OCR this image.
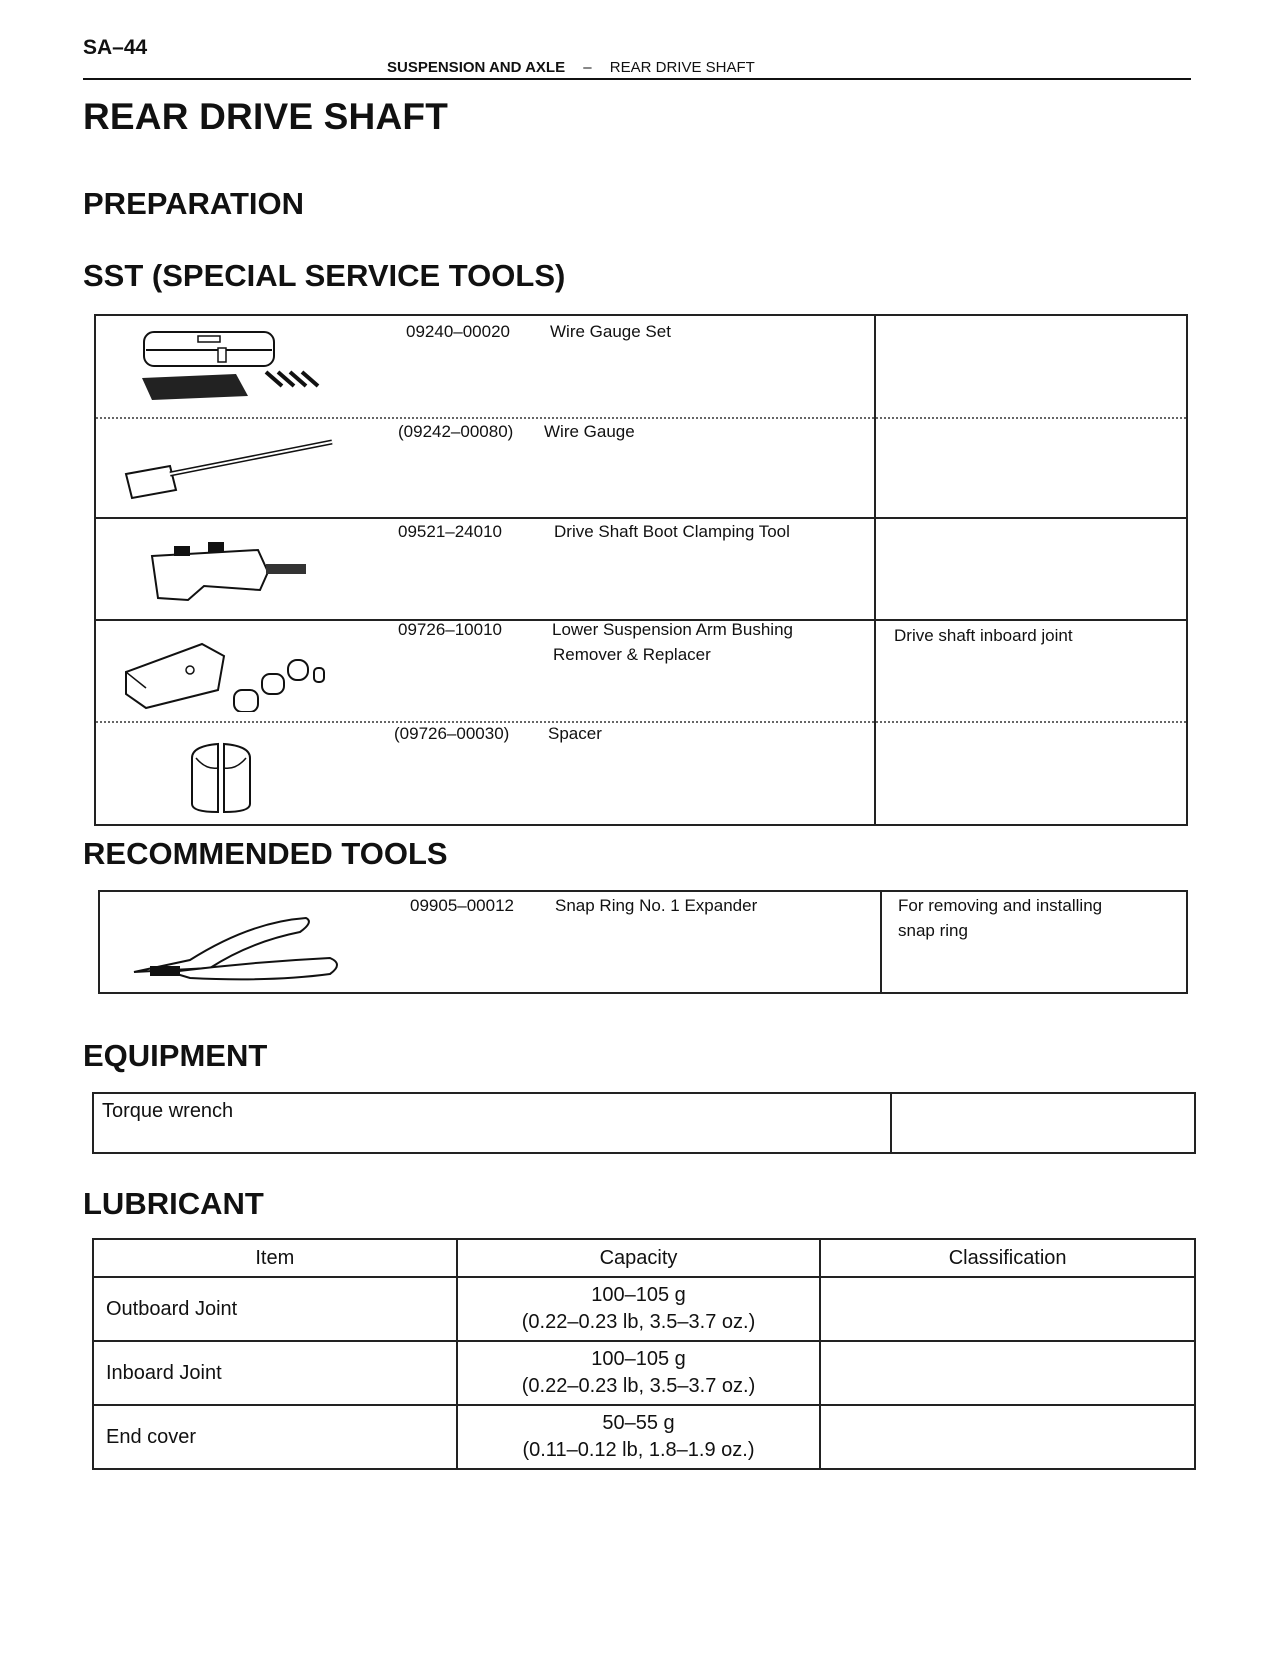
SA–44
SUSPENSION AND AXLE – REAR DRIVE SHAFT
REAR DRIVE SHAFT
PREPARATION
SST (SPECIAL SERVICE TOOLS)
09240–00020 Wire Gauge Set
(09242–00080) Wire Gauge
09521–24010	Drive Shaft Boot Clamping Tool
09726–10010	Lower Suspension Arm Bushing
Remover & Replacer
Drive shaft inboard joint
(09726–00030) Spacer
RECOMMENDED TOOLS
09905–00012 Snap Ring No. 1 Expander	For removing and installing
snap ring
EQUIPMENT
Torque wrench
LUBRICANT
Item	Capacity	Classification
Outboard Joint	100–105 g
(0.22–0.23 lb, 3.5–3.7 oz.)	

Inboard Joint	100–105 g
(0.22–0.23 lb, 3.5–3.7 oz.)	

End cover	50–55 g
(0.11–0.12 lb, 1.8–1.9 oz.)	
